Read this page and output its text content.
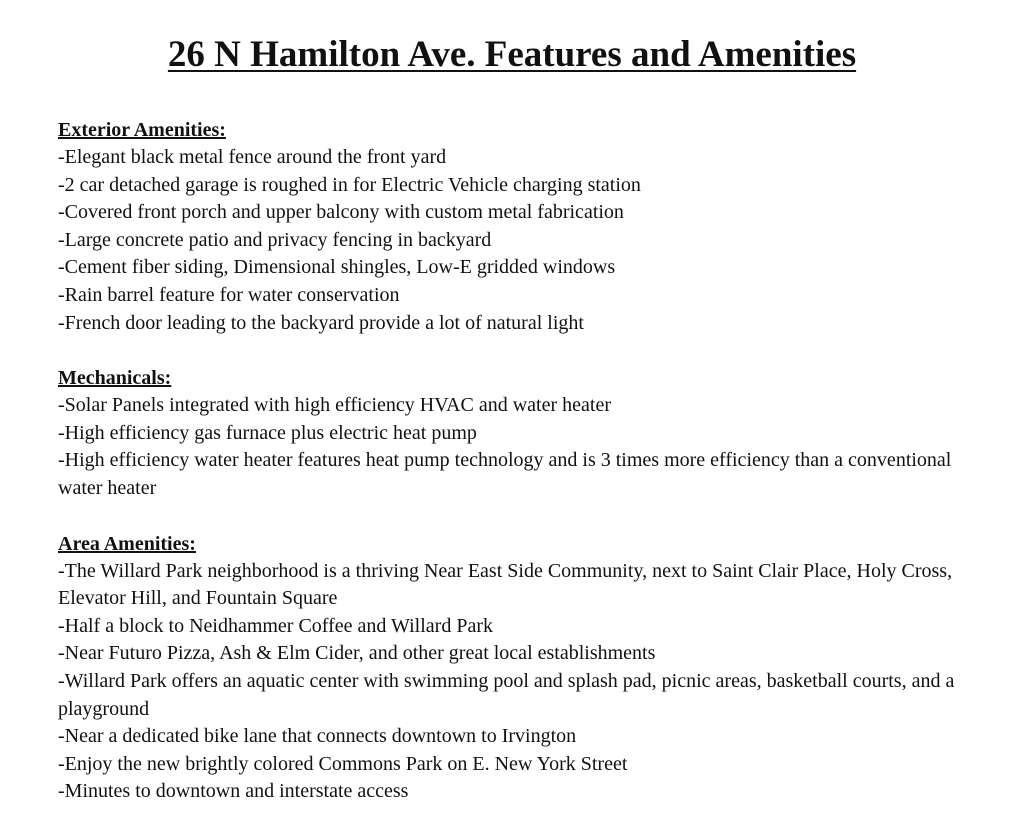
26 N Hamilton Ave. Features and Amenities

Exterior Amenities:

-Elegant black metal fence around the front yard

-2 car detached garage is roughed in for Electric Vehicle charging station

-Covered front porch and upper balcony with custom metal fabrication

-Large concrete patio and privacy fencing in backyard

-Cement fiber siding, Dimensional shingles, Low-E gridded windows

-Rain barrel feature for water conservation

-French door leading to the backyard provide a lot of natural light

Mechanicals:

-Solar Panels integrated with high efficiency HVAC and water heater

-High efficiency gas furnace plus electric heat pump

-High efficiency water heater features heat pump technology and is 3 times more efficiency than a conventional water heater

Area Amenities:

-The Willard Park neighborhood is a thriving Near East Side Community, next to Saint Clair Place, Holy Cross, Elevator Hill, and Fountain Square

-Half a block to Neidhammer Coffee and Willard Park

-Near Futuro Pizza, Ash & Elm Cider, and other great local establishments

-Willard Park offers an aquatic center with swimming pool and splash pad, picnic areas, basketball courts, and a playground

-Near a dedicated bike lane that connects downtown to Irvington

-Enjoy the new brightly colored Commons Park on E. New York Street

-Minutes to downtown and interstate access
